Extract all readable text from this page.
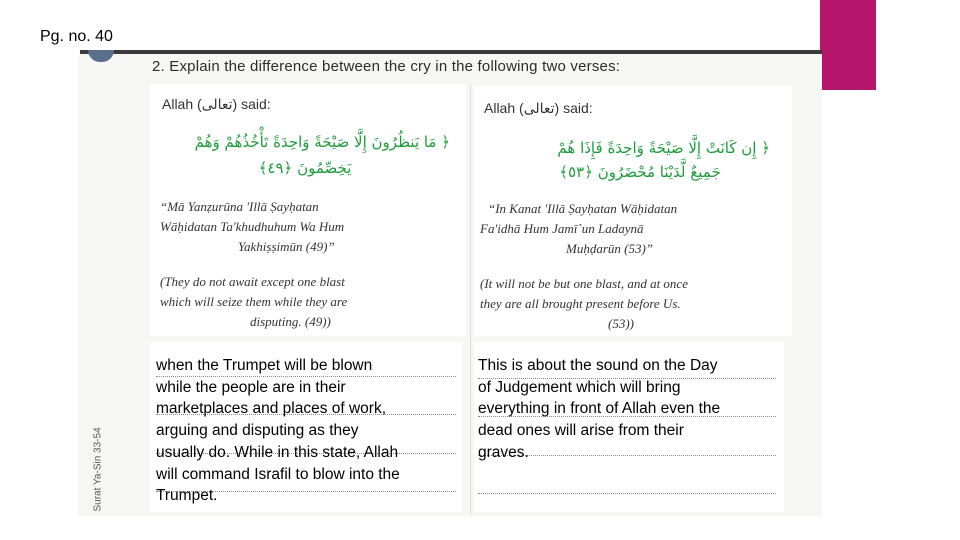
Pg. no. 40
2. Explain the difference between the cry in the following two verses:
Surat Ya-Sin 33-54
Allah (تعالى) said:
﴿ مَا يَنظُرُونَ إِلَّا صَيْحَةً وَاحِدَةً تَأْخُذُهُمْ وَهُمْ
يَخِصِّمُونَ ﴿٤٩﴾
“Mā Yanẓurūna 'Illā Ṣayḥatan
Wāḥidatan Ta'khudhuhum Wa Hum
Yakhiṣṣimūn (49)”
(They do not await except one blast
which will seize them while they are
disputing. (49))
Allah (تعالى) said:
﴿ إِن كَانَتْ إِلَّا صَيْحَةً وَاحِدَةً فَإِذَا هُمْ
جَمِيعٌ لَّدَيْنَا مُحْضَرُونَ ﴿٥٣﴾
“In Kanat 'Illā Ṣayḥatan Wāḥidatan
Fa'idhā Hum Jamī`un Ladaynā
Muḥḍarūn (53)”
(It will not be but one blast, and at once
they are all brought present before Us.
(53))
when the Trumpet will be blown
while the people are in their
marketplaces and places of work,
arguing and disputing as they
usually do. While in this state, Allah
will command Israfil to blow into the
Trumpet.
This is about the sound on the Day
of Judgement which will bring
everything in front of Allah even the
dead ones will arise from their
graves.
